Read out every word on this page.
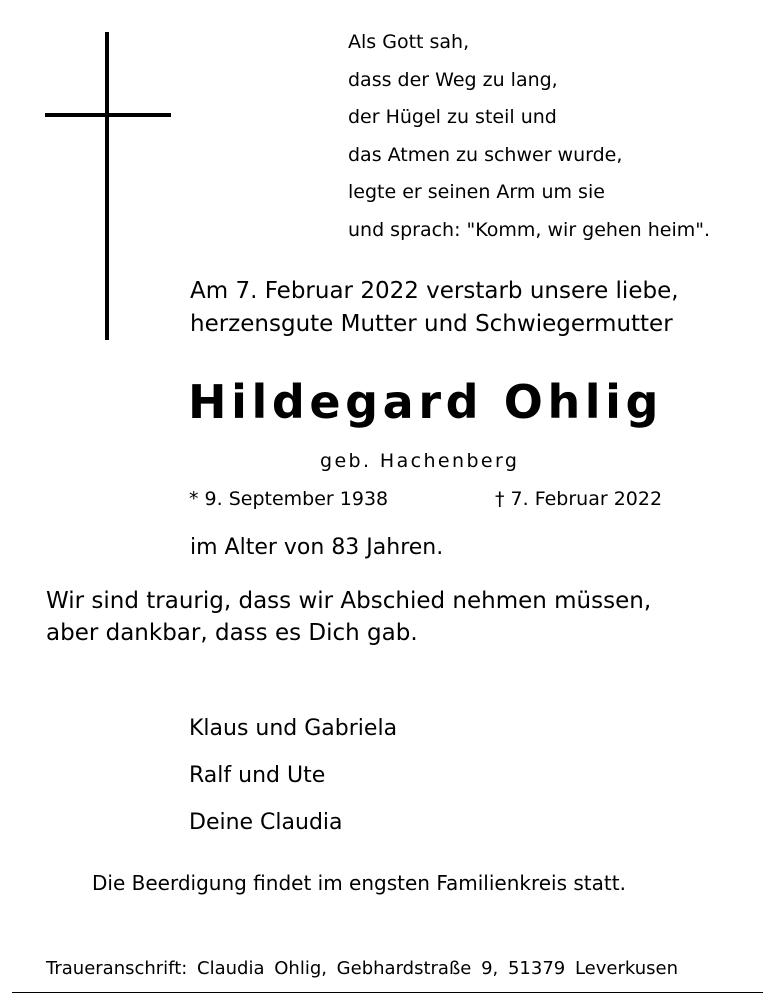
Als Gott sah,
dass der Weg zu lang,
der Hügel zu steil und
das Atmen zu schwer wurde,
legte er seinen Arm um sie
und sprach: "Komm, wir gehen heim".
Am 7. Februar 2022 verstarb unsere liebe,
herzensgute Mutter und Schwiegermutter
Hildegard Ohlig
geb. Hachenberg
* 9. September 1938	† 7. Februar 2022
im Alter von 83 Jahren.
Wir sind traurig, dass wir Abschied nehmen müssen,
aber dankbar, dass es Dich gab.
Klaus und Gabriela
Ralf und Ute
Deine Claudia
Die Beerdigung findet im engsten Familienkreis statt.
Traueranschrift: Claudia Ohlig, Gebhardstraße 9, 51379 Leverkusen
